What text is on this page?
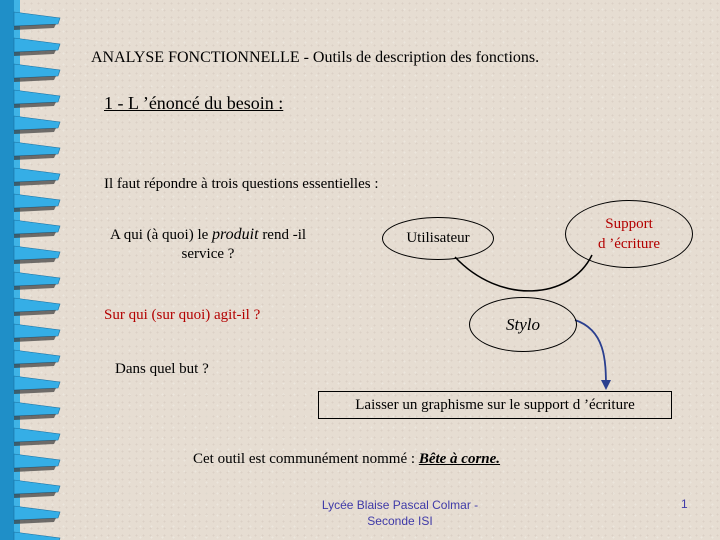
ANALYSE FONCTIONNELLE - Outils de description des fonctions.
1 - L ’énoncé du besoin :
Il faut répondre à trois questions essentielles :
A qui (à quoi) le produit rend -il service ?
Sur qui (sur quoi) agit-il ?
Dans quel but ?
Utilisateur
Support
d ’écriture
Stylo
Laisser un graphisme sur le support d ’écriture
Cet outil est communément nommé : Bête à corne.
Lycée Blaise Pascal Colmar -
Seconde ISI
1
